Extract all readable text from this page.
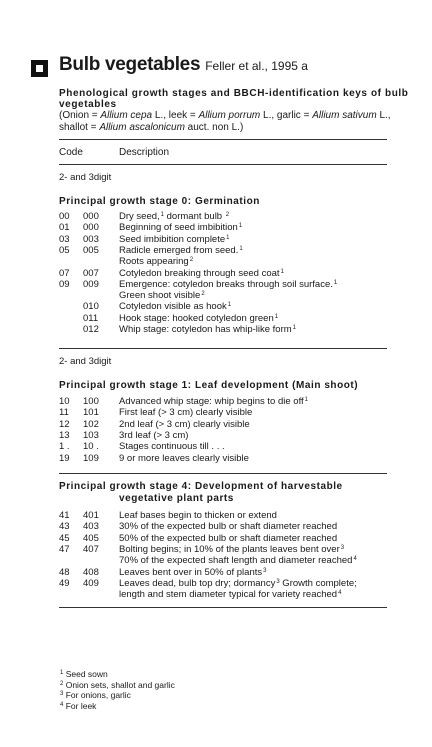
Bulb vegetables Feller et al., 1995 a
Phenological growth stages and BBCH-identification keys of bulb vegetables
(Onion = Allium cepa L., leek = Allium porrum L., garlic = Allium sativum L., shallot = Allium ascalonicum auct. non L.)
Code	Description
2- and 3digit
Principal growth stage 0: Germination
00 000 Dry seed,$^1$ dormant bulb $^2$
01 000 Beginning of seed imbibition$^1$
03 003 Seed imbibition complete$^1$
05 005 Radicle emerged from seed.$^1$
Roots appearing$^2$
07 007 Cotyledon breaking through seed coat$^1$
09 009 Emergence: cotyledon breaks through soil surface.$^1$
Green shoot visible$^2$
010 Cotyledon visible as hook$^1$
011 Hook stage: hooked cotyledon green$^1$
012 Whip stage: cotyledon has whip-like form$^1$
2- and 3digit
Principal growth stage 1: Leaf development (Main shoot)
10 100 Advanced whip stage: whip begins to die off$^1$
11 101 First leaf (> 3 cm) clearly visible
12 102 2nd leaf (> 3 cm) clearly visible
13 103 3rd leaf (> 3 cm)
1 . 10 . Stages continuous till . . .
19 109 9 or more leaves clearly visible
Principal growth stage 4: Development of harvestable
vegetative plant parts
41 401 Leaf bases begin to thicken or extend
43 403 30% of the expected bulb or shaft diameter reached
45 405 50% of the expected bulb or shaft diameter reached
47 407 Bolting begins; in 10% of the plants leaves bent over$^3$
70% of the expected shaft length and diameter reached$^4$
48 408 Leaves bent over in 50% of plants$^3$
49 409 Leaves dead, bulb top dry; dormancy$^3$ Growth complete;
length and stem diameter typical for variety reached$^4$
$^1$ Seed sown
$^2$ Onion sets, shallot and garlic
$^3$ For onions, garlic
$^4$ For leek
